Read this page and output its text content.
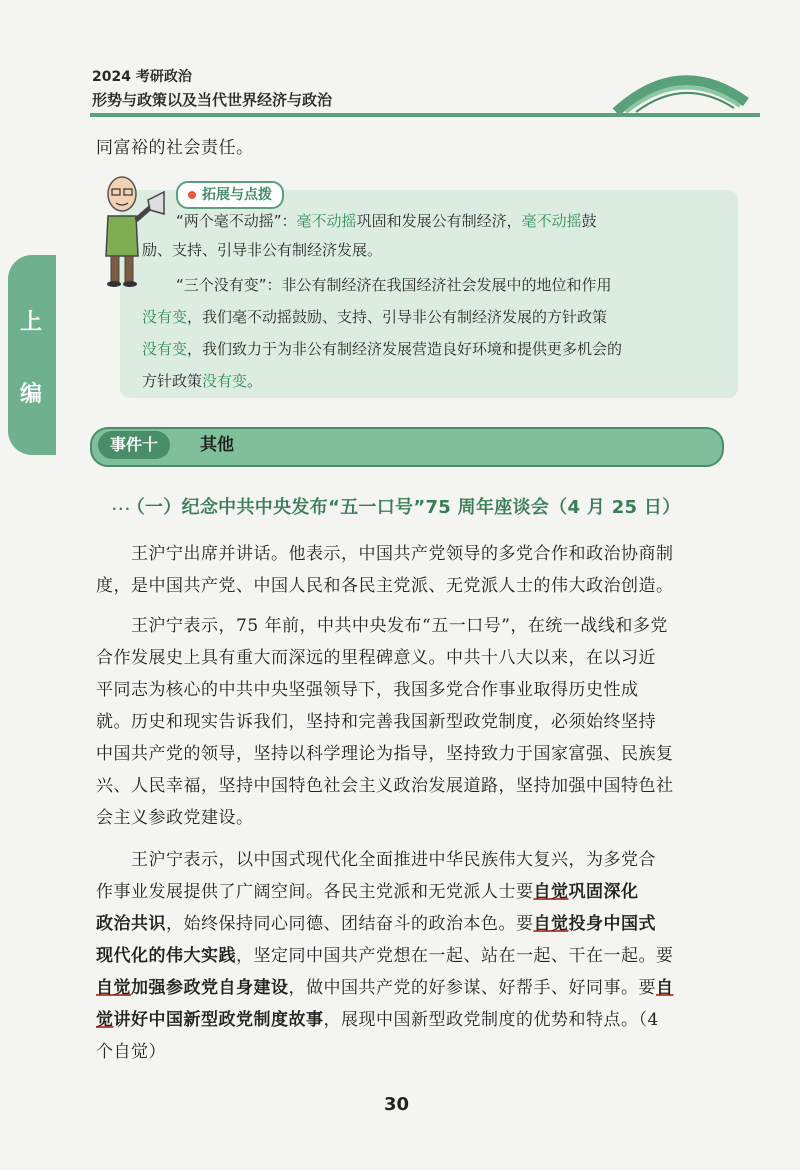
2024 考研政治
形势与政策以及当代世界经济与政治
上
编
同富裕的社会责任。
拓展与点拨
“两个毫不动摇”：毫不动摇巩固和发展公有制经济，毫不动摇鼓
励、支持、引导非公有制经济发展。
“三个没有变”：非公有制经济在我国经济社会发展中的地位和作用
没有变，我们毫不动摇鼓励、支持、引导非公有制经济发展的方针政策
没有变，我们致力于为非公有制经济发展营造良好环境和提供更多机会的
方针政策没有变。
事件十	其他
··· （一）纪念中共中央发布“五一口号”75 周年座谈会（4 月 25 日）
王沪宁出席并讲话。他表示，中国共产党领导的多党合作和政治协商制
度，是中国共产党、中国人民和各民主党派、无党派人士的伟大政治创造。
王沪宁表示，75 年前，中共中央发布“五一口号”，在统一战线和多党
合作发展史上具有重大而深远的里程碑意义。中共十八大以来，在以习近
平同志为核心的中共中央坚强领导下，我国多党合作事业取得历史性成
就。历史和现实告诉我们，坚持和完善我国新型政党制度，必须始终坚持
中国共产党的领导，坚持以科学理论为指导，坚持致力于国家富强、民族复
兴、人民幸福，坚持中国特色社会主义政治发展道路，坚持加强中国特色社
会主义参政党建设。
王沪宁表示，以中国式现代化全面推进中华民族伟大复兴，为多党合
作事业发展提供了广阔空间。各民主党派和无党派人士要自觉巩固深化
政治共识，始终保持同心同德、团结奋斗的政治本色。要自觉投身中国式
现代化的伟大实践，坚定同中国共产党想在一起、站在一起、干在一起。要
自觉加强参政党自身建设，做中国共产党的好参谋、好帮手、好同事。要自
觉讲好中国新型政党制度故事，展现中国新型政党制度的优势和特点。（4
个自觉）
30
